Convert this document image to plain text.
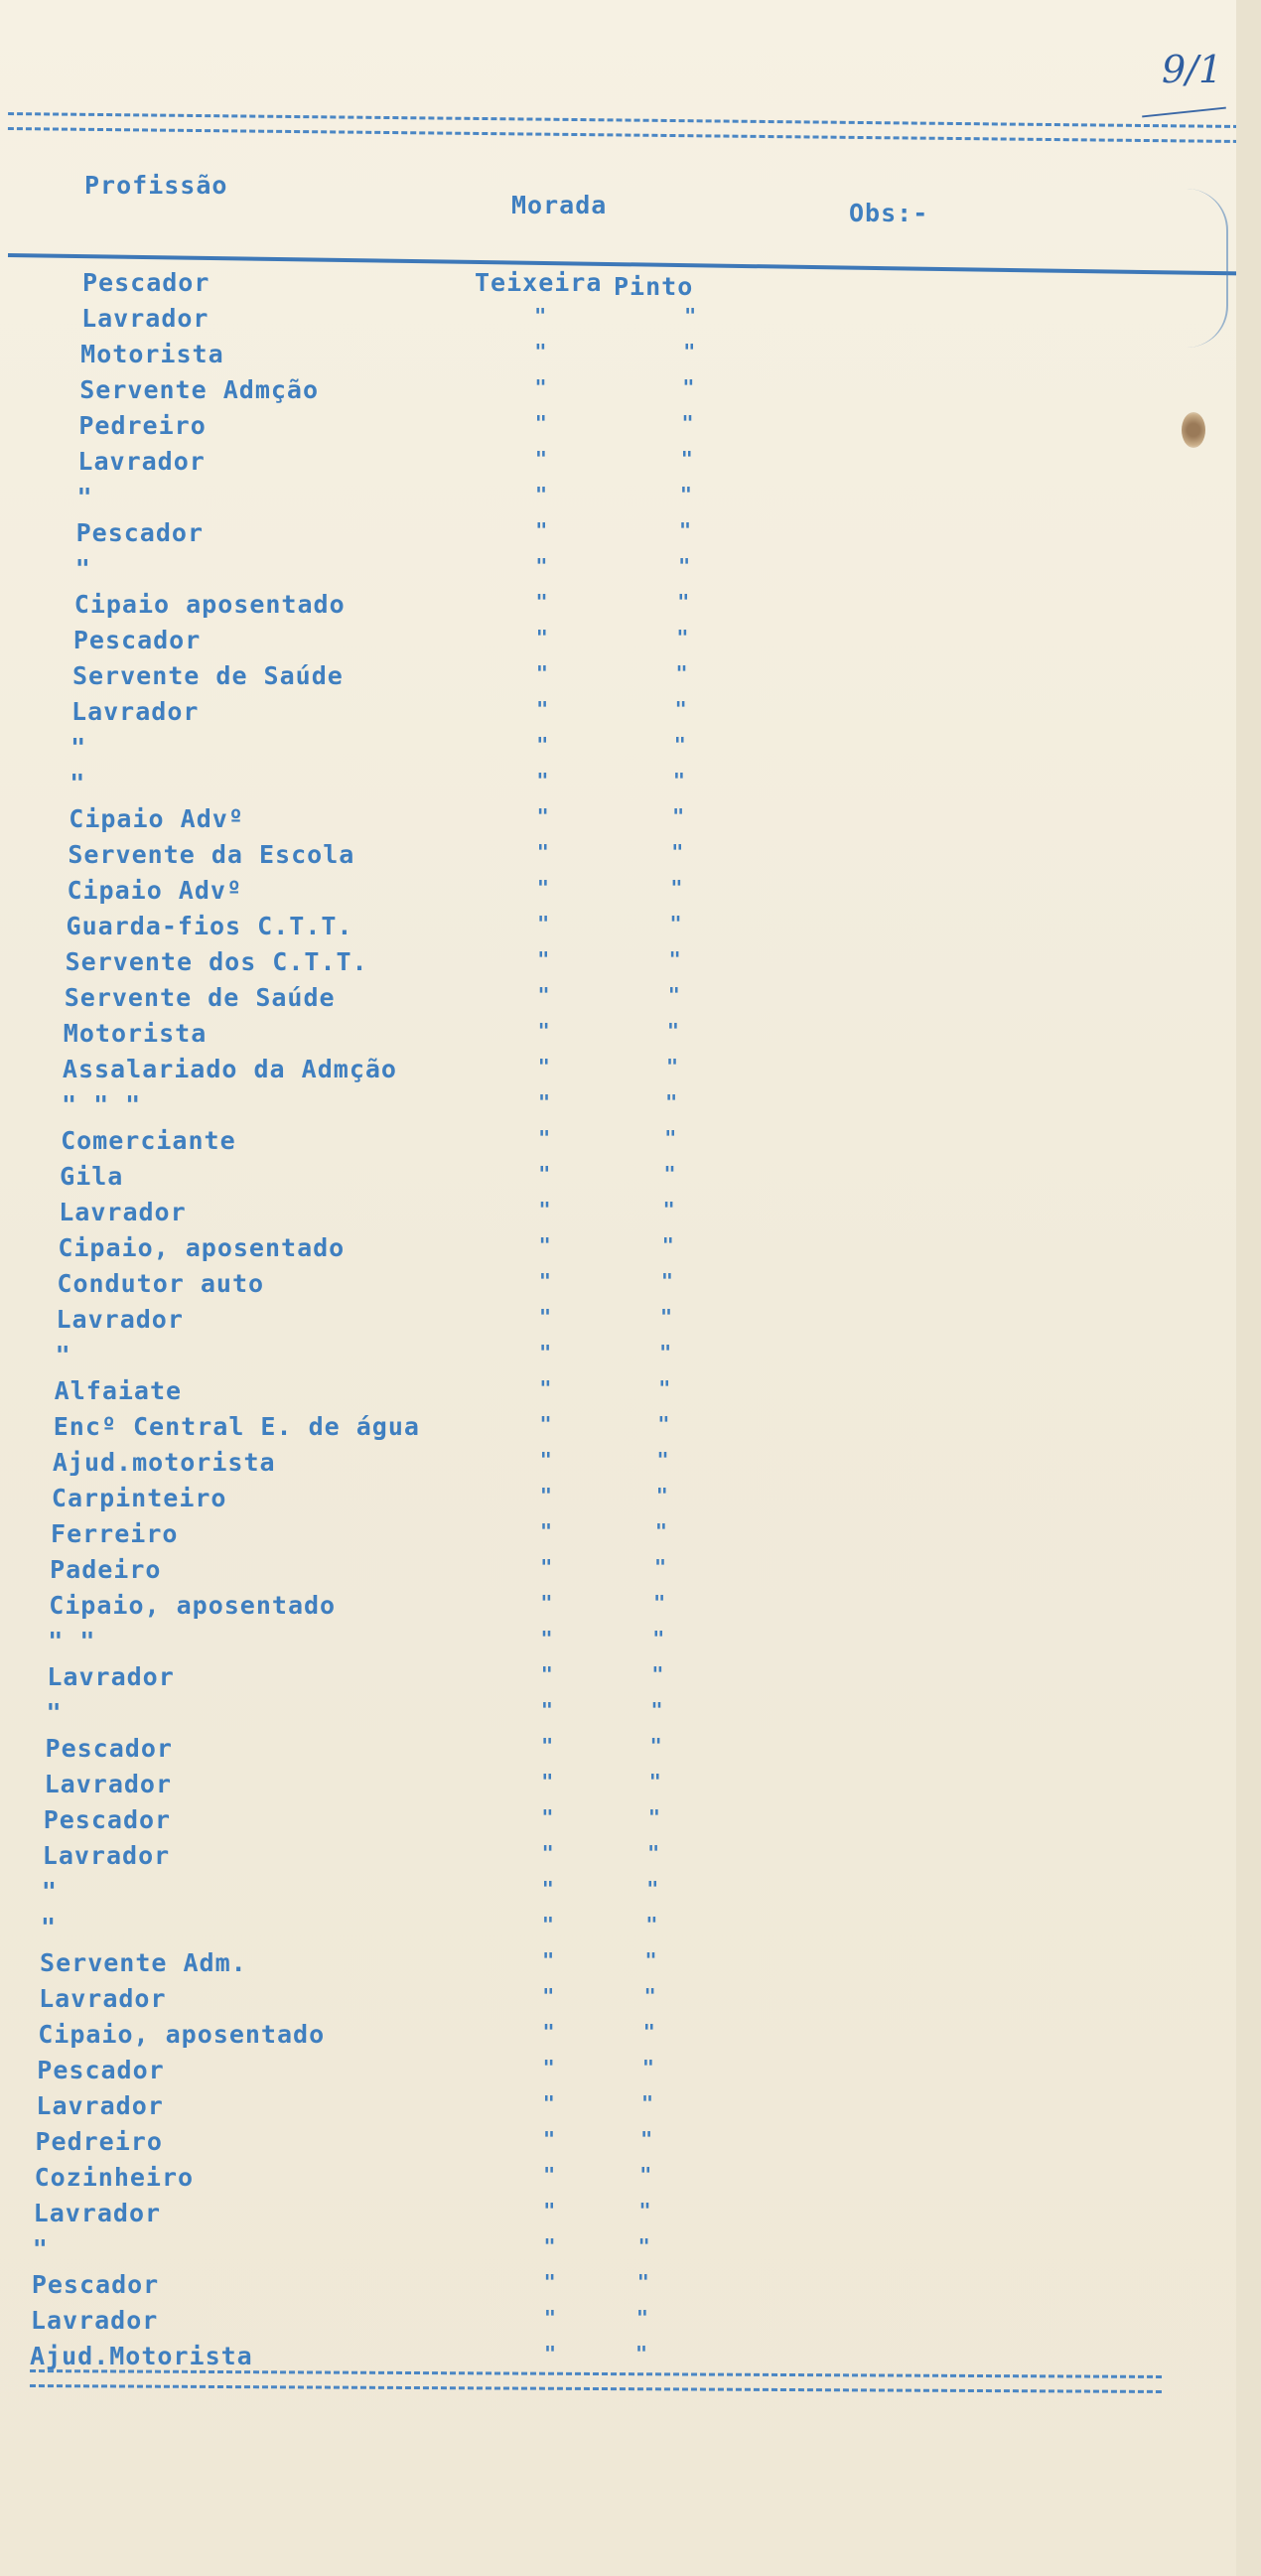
9/1
Profissão
Morada	Obs:-
Pescador	Teixeira Pinto
Lavrador	"	"
Motorista	"	"
Servente Admção	"	"
Pedreiro	"	"
Lavrador	"	"
"	"	"
Pescador	"	"
"	"	"
Cipaio aposentado	"	"
Pescador	"	"
Servente de Saúde	"	"
Lavrador	"	"
"	"	"
"	"	"
Cipaio Advº	"	"
Servente da Escola	"	"
Cipaio Advº	"	"
Guarda-fios C.T.T.	"	"
Servente dos C.T.T.	"	"
Servente de Saúde	"	"
Motorista	"	"
Assalariado da Admção	"	"
" " "	"	"
Comerciante	"	"
Gila	"	"
Lavrador	"	"
Cipaio, aposentado	"	"
Condutor auto	"	"
Lavrador	"	"
"	"	"
Alfaiate	"	"
Encº Central E. de água	"	"
Ajud.motorista	"	"
Carpinteiro	"	"
Ferreiro	"	"
Padeiro	"	"
Cipaio, aposentado	"	"
" "	"	"
Lavrador	"	"
"	"	"
Pescador	"	"
Lavrador	"	"
Pescador	"	"
Lavrador	"	"
"	"	"
"	"	"
Servente Adm.	"	"
Lavrador	"	"
Cipaio, aposentado	"	"
Pescador	"	"
Lavrador	"	"
Pedreiro	"	"
Cozinheiro	"	"
Lavrador	"	"
"	"	"
Pescador	"	"
Lavrador	"	"
Ajud.Motorista	"	"
